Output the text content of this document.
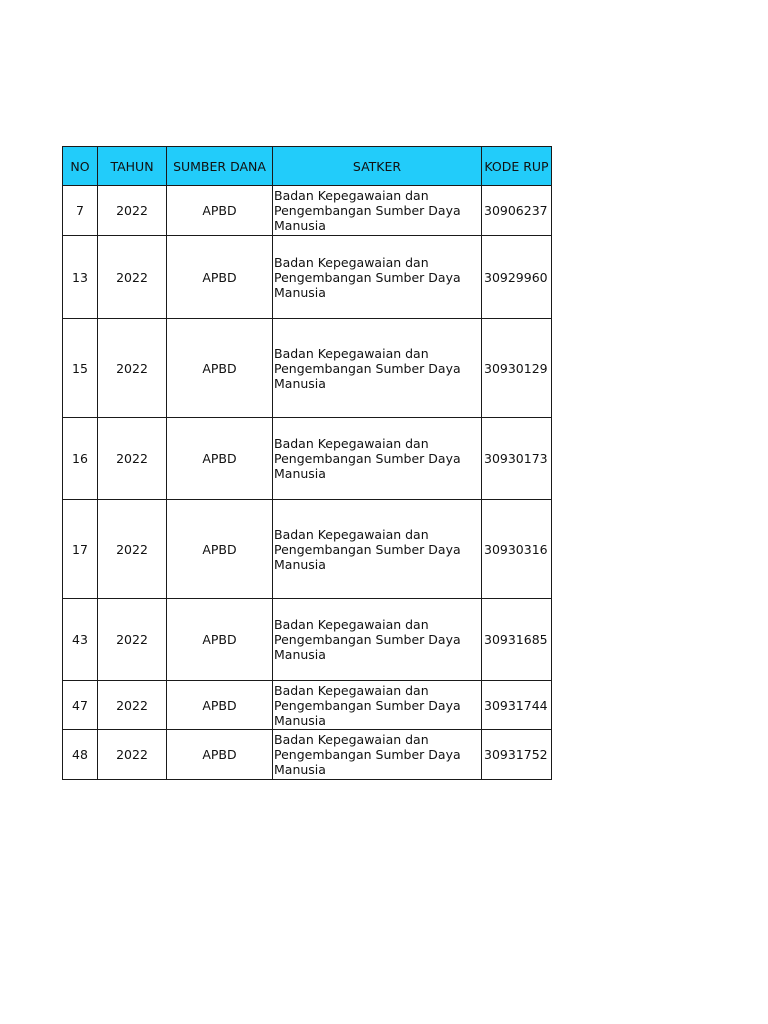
NO	TAHUN	SUMBER DANA	SATKER	KODE RUP
7	2022	APBD	Badan Kepegawaian dan Pengembangan Sumber Daya Manusia	30906237
13	2022	APBD	Badan Kepegawaian dan Pengembangan Sumber Daya Manusia	30929960
15	2022	APBD	Badan Kepegawaian dan Pengembangan Sumber Daya Manusia	30930129
16	2022	APBD	Badan Kepegawaian dan Pengembangan Sumber Daya Manusia	30930173
17	2022	APBD	Badan Kepegawaian dan Pengembangan Sumber Daya Manusia	30930316
43	2022	APBD	Badan Kepegawaian dan Pengembangan Sumber Daya Manusia	30931685
47	2022	APBD	Badan Kepegawaian dan Pengembangan Sumber Daya Manusia	30931744
48	2022	APBD	Badan Kepegawaian dan Pengembangan Sumber Daya Manusia	30931752
